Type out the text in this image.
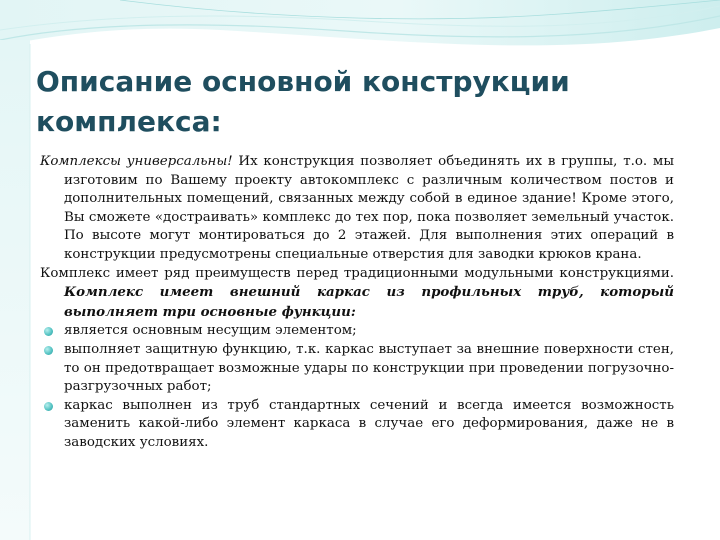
Описание основной конструкции
комплекса:

Комплексы универсальны! Их конструкция позволяет объединять их в группы, т.о. мы изготовим по Вашему проекту автокомплекс с различным количеством постов и дополнительных помещений, связанных между собой в единое здание! Кроме этого, Вы сможете «достраивать» комплекс до тех пор, пока позволяет земельный участок. По высоте могут монтироваться до 2 этажей. Для выполнения этих операций в конструкции предусмотрены специальные отверстия для заводки крюков крана.

Комплекс имеет ряд преимуществ перед традиционными модульными конструкциями. Комплекс имеет внешний каркас из профильных труб, который выполняет три основные функции:

является основным несущим элементом;
выполняет защитную функцию, т.к. каркас выступает за внешние поверхности стен, то он предотвращает возможные удары по конструкции при проведении погрузочно-разгрузочных работ;
каркас выполнен из труб стандартных сечений и всегда имеется возможность заменить какой-либо элемент каркаса в случае его деформирования, даже не в заводских условиях.
